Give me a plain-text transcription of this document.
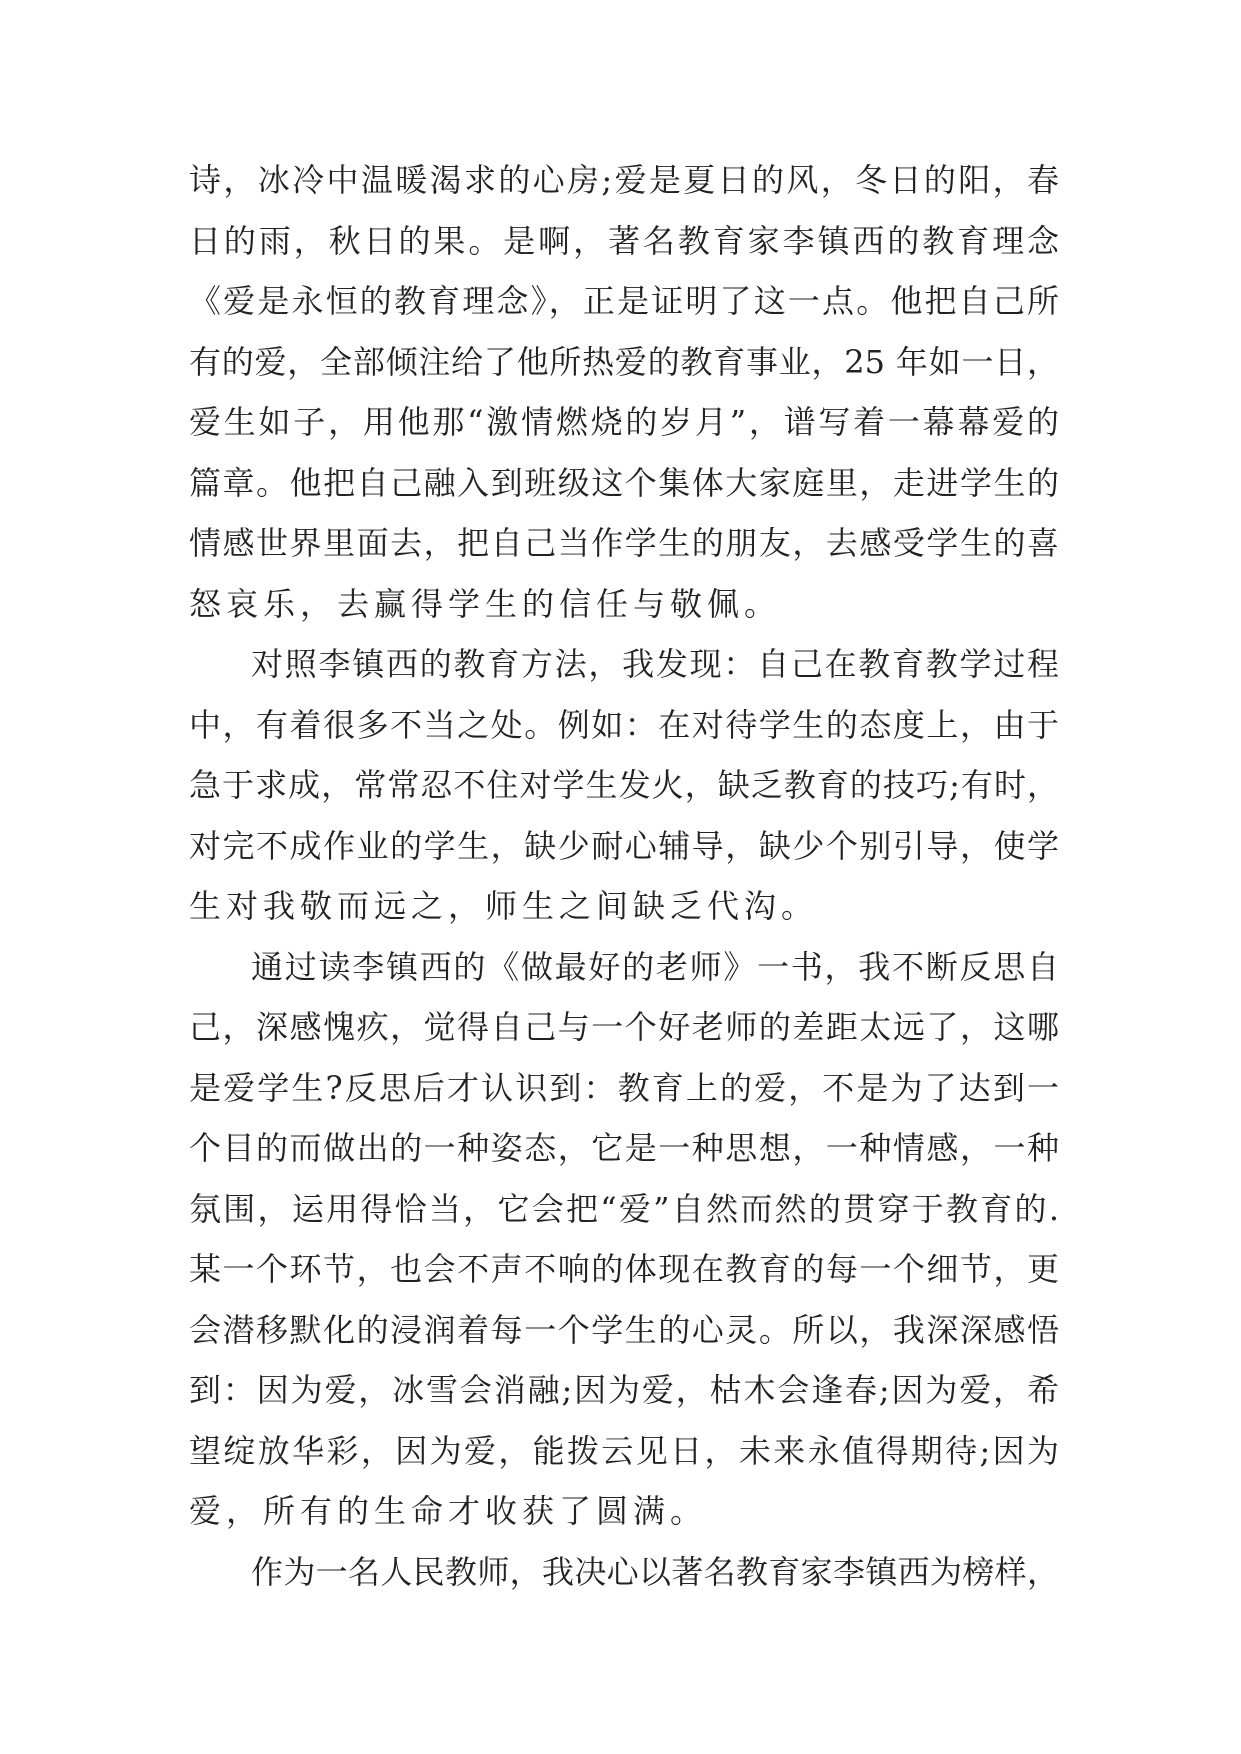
诗，冰冷中温暖渴求的心房;爱是夏日的风，冬日的阳，春
日的雨，秋日的果。是啊，著名教育家李镇西的教育理念
《爱是永恒的教育理念》，正是证明了这一点。他把自己所
有的爱，全部倾注给了他所热爱的教育事业，25 年如一日，
爱生如子，用他那“激情燃烧的岁月”，谱写着一幕幕爱的
篇章。他把自己融入到班级这个集体大家庭里，走进学生的
情感世界里面去，把自己当作学生的朋友，去感受学生的喜
怒哀乐，去赢得学生的信任与敬佩。
对照李镇西的教育方法，我发现：自己在教育教学过程
中，有着很多不当之处。例如：在对待学生的态度上，由于
急于求成，常常忍不住对学生发火，缺乏教育的技巧;有时，
对完不成作业的学生，缺少耐心辅导，缺少个别引导，使学
生对我敬而远之，师生之间缺乏代沟。
通过读李镇西的《做最好的老师》一书，我不断反思自
己，深感愧疚，觉得自己与一个好老师的差距太远了，这哪
是爱学生?反思后才认识到：教育上的爱，不是为了达到一
个目的而做出的一种姿态，它是一种思想，一种情感，一种
氛围，运用得恰当，它会把“爱”自然而然的贯穿于教育的.
某一个环节，也会不声不响的体现在教育的每一个细节，更
会潜移默化的浸润着每一个学生的心灵。所以，我深深感悟
到：因为爱，冰雪会消融;因为爱，枯木会逢春;因为爱，希
望绽放华彩，因为爱，能拨云见日，未来永值得期待;因为
爱，所有的生命才收获了圆满。
作为一名人民教师，我决心以著名教育家李镇西为榜样，
